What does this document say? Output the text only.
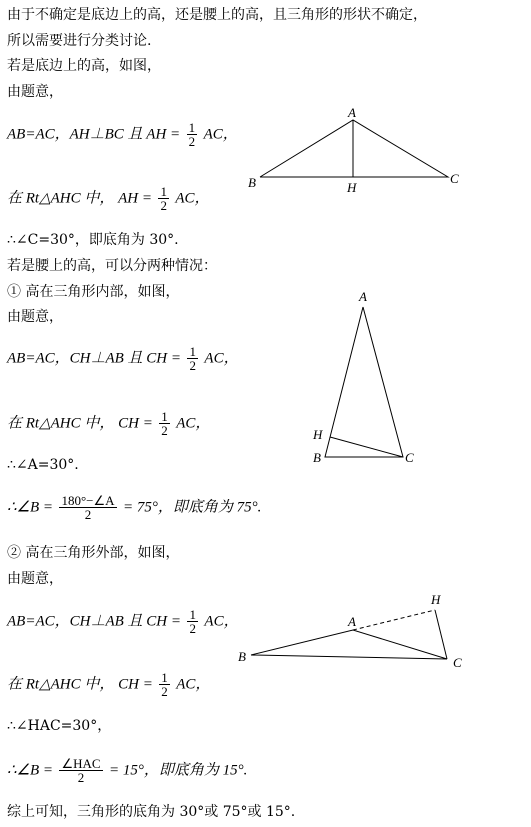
由于不确定是底边上的高，还是腰上的高，且三角形的形状不确定，
所以需要进行分类讨论.
若是底边上的高，如图，
由题意，
AB=AC，AH⊥BC 且 AH = $\frac{1}{2}$ AC，
在 Rt△AHC 中， AH = $\frac{1}{2}$ AC，
∴∠C=30°，即底角为 30°.
A
B	C
H
若是腰上的高，可以分两种情况：
① 高在三角形内部，如图，
由题意，
AB=AC，CH⊥AB 且 CH = $\frac{1}{2}$ AC，
在 Rt△AHC 中， CH = $\frac{1}{2}$ AC，
∴∠A=30°.
∴∠B = $\frac{180^\circ-\angle A}{2} = 75^\circ$，即底角为 75°.
A
H
B	C
② 高在三角形外部，如图，
由题意，
AB=AC，CH⊥AB 且 CH = $\frac{1}{2}$ AC，
在 Rt△AHC 中， CH = $\frac{1}{2}$ AC，
∴∠HAC=30°，
∴∠B = $\frac{\text{∠HAC}}{2} = 15^\circ$，即底角为 15°.
A
H
B	C
综上可知，三角形的底角为 30°或 75°或 15°.
